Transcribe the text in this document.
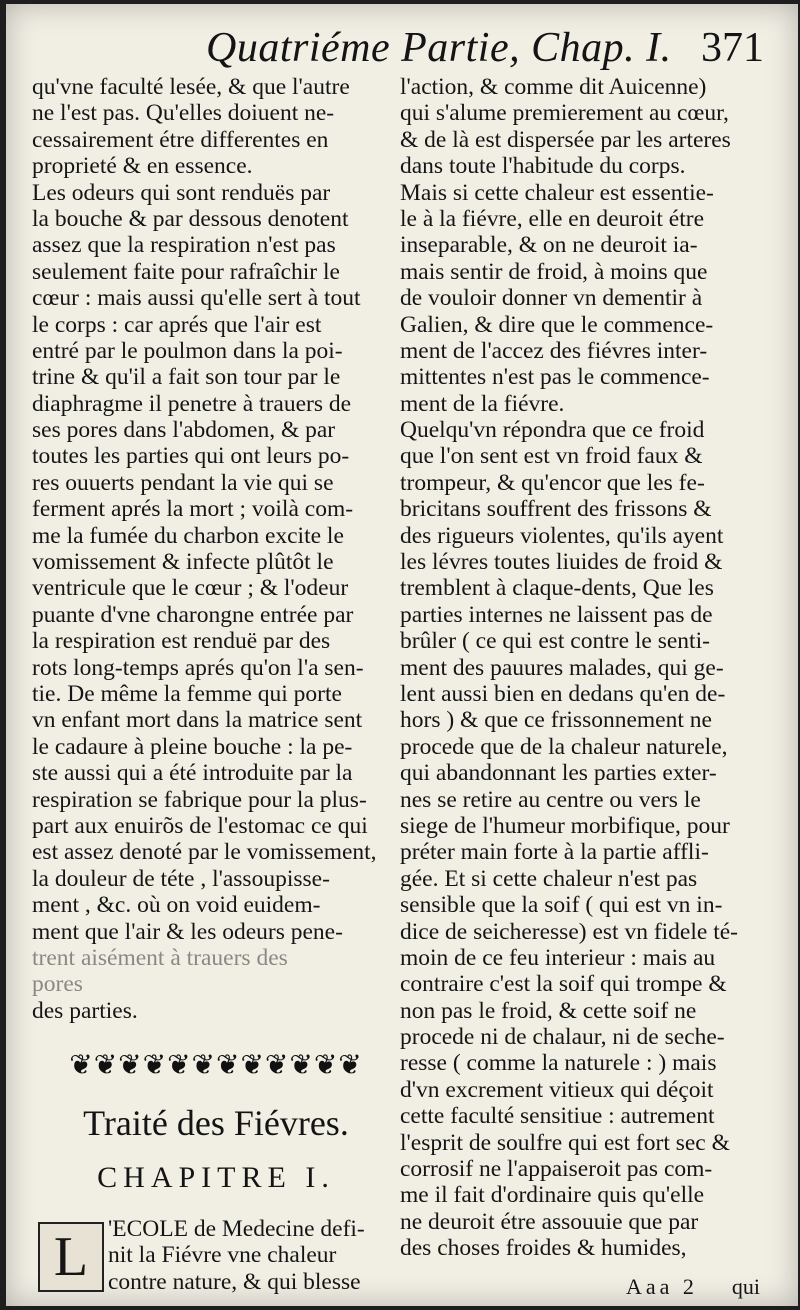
Quatriéme Partie, Chap. I. 371
qu'vne faculté lesée, & que l'autre
ne l'est pas. Qu'elles doiuent ne-
cessairement étre differentes en
proprieté & en essence.
Les odeurs qui sont renduës par
la bouche & par dessous denotent
assez que la respiration n'est pas
seulement faite pour rafraîchir le
cœur : mais aussi qu'elle sert à tout
le corps : car aprés que l'air est
entré par le poulmon dans la poi-
trine & qu'il a fait son tour par le
diaphragme il penetre à trauers de
ses pores dans l'abdomen, & par
toutes les parties qui ont leurs po-
res ouuerts pendant la vie qui se
ferment aprés la mort ; voilà com-
me la fumée du charbon excite le
vomissement & infecte plûtôt le
ventricule que le cœur ; & l'odeur
puante d'vne charongne entrée par
la respiration est renduë par des
rots long-temps aprés qu'on l'a sen-
tie. De même la femme qui porte
vn enfant mort dans la matrice sent
le cadaure à pleine bouche : la pe-
ste aussi qui a été introduite par la
respiration se fabrique pour la plus-
part aux enuirõs de l'estomac ce qui
est assez denoté par le vomissement,
la douleur de téte , l'assoupisse-
ment , &c. où on void euidem-
ment que l'air & les odeurs pene-
trent aisément à trauers des
pores
des parties.
❦❦❦❦❦❦❦❦❦❦❦❦
Traité des Fiévres.
CHAPITRE I.
L 'ECOLE de Medecine defi-
nit la Fiévre vne chaleur
contre nature, & qui blesse
l'action, & comme dit Auicenne)
qui s'alume premierement au cœur,
& de là est dispersée par les arteres
dans toute l'habitude du corps.
Mais si cette chaleur est essentie-
le à la fiévre, elle en deuroit étre
inseparable, & on ne deuroit ia-
mais sentir de froid, à moins que
de vouloir donner vn dementir à
Galien, & dire que le commence-
ment de l'accez des fiévres inter-
mittentes n'est pas le commence-
ment de la fiévre.
Quelqu'vn répondra que ce froid
que l'on sent est vn froid faux &
trompeur, & qu'encor que les fe-
bricitans souffrent des frissons &
des rigueurs violentes, qu'ils ayent
les lévres toutes liuides de froid &
tremblent à claque-dents, Que les
parties internes ne laissent pas de
brûler ( ce qui est contre le senti-
ment des pauures malades, qui ge-
lent aussi bien en dedans qu'en de-
hors ) & que ce frissonnement ne
procede que de la chaleur naturele,
qui abandonnant les parties exter-
nes se retire au centre ou vers le
siege de l'humeur morbifique, pour
préter main forte à la partie affli-
gée. Et si cette chaleur n'est pas
sensible que la soif ( qui est vn in-
dice de seicheresse) est vn fidele té-
moin de ce feu interieur : mais au
contraire c'est la soif qui trompe &
non pas le froid, & cette soif ne
procede ni de chalaur, ni de seche-
resse ( comme la naturele : ) mais
d'vn excrement vitieux qui déçoit
cette faculté sensitiue : autrement
l'esprit de soulfre qui est fort sec &
corrosif ne l'appaiseroit pas com-
me il fait d'ordinaire quis qu'elle
ne deuroit étre assouuie que par
des choses froides & humides,
Aaa 2 qui
